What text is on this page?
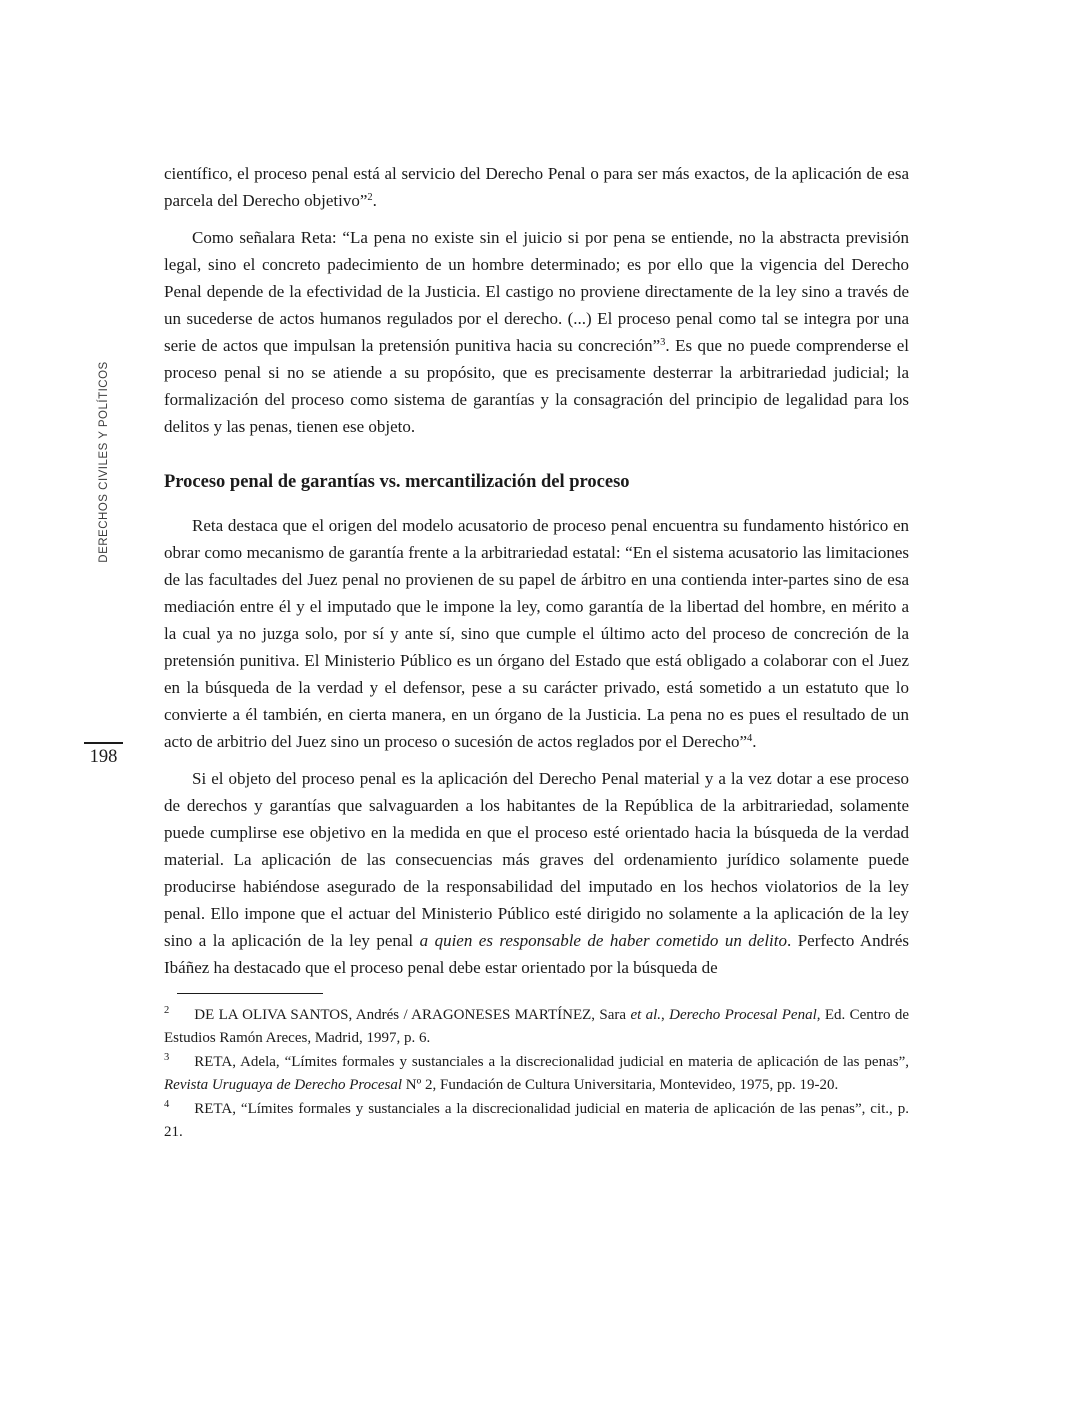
DERECHOS CIVILES Y POLÍTICOS
198

científico, el proceso penal está al servicio del Derecho Penal o para ser más exactos, de la aplicación de esa parcela del Derecho objetivo”$^2$.

Como señalara Reta: “La pena no existe sin el juicio si por pena se entiende, no la abstracta previsión legal, sino el concreto padecimiento de un hombre determinado; es por ello que la vigencia del Derecho Penal depende de la efectividad de la Justicia. El castigo no proviene directamente de la ley sino a través de un sucederse de actos humanos regulados por el derecho. (...) El proceso penal como tal se integra por una serie de actos que impulsan la pretensión punitiva hacia su concreción”$^3$. Es que no puede comprenderse el proceso penal si no se atiende a su propósito, que es precisamente desterrar la arbitrariedad judicial; la formalización del proceso como sistema de garantías y la consagración del principio de legalidad para los delitos y las penas, tienen ese objeto.

Proceso penal de garantías vs. mercantilización del proceso

Reta destaca que el origen del modelo acusatorio de proceso penal encuentra su fundamento histórico en obrar como mecanismo de garantía frente a la arbitrariedad estatal: “En el sistema acusatorio las limitaciones de las facultades del Juez penal no provienen de su papel de árbitro en una contienda inter-partes sino de esa mediación entre él y el imputado que le impone la ley, como garantía de la libertad del hombre, en mérito a la cual ya no juzga solo, por sí y ante sí, sino que cumple el último acto del proceso de concreción de la pretensión punitiva. El Ministerio Público es un órgano del Estado que está obligado a colaborar con el Juez en la búsqueda de la verdad y el defensor, pese a su carácter privado, está sometido a un estatuto que lo convierte a él también, en cierta manera, en un órgano de la Justicia. La pena no es pues el resultado de un acto de arbitrio del Juez sino un proceso o sucesión de actos reglados por el Derecho”$^4$.

Si el objeto del proceso penal es la aplicación del Derecho Penal material y a la vez dotar a ese proceso de derechos y garantías que salvaguarden a los habitantes de la República de la arbitrariedad, solamente puede cumplirse ese objetivo en la medida en que el proceso esté orientado hacia la búsqueda de la verdad material. La aplicación de las consecuencias más graves del ordenamiento jurídico solamente puede producirse habiéndose asegurado de la responsabilidad del imputado en los hechos violatorios de la ley penal. Ello impone que el actuar del Ministerio Público esté dirigido no solamente a la aplicación de la ley sino a la aplicación de la ley penal a quien es responsable de haber cometido un delito. Perfecto Andrés Ibáñez ha destacado que el proceso penal debe estar orientado por la búsqueda de

$^2$ DE LA OLIVA SANTOS, Andrés / ARAGONESES MARTÍNEZ, Sara et al., Derecho Procesal Penal, Ed. Centro de Estudios Ramón Areces, Madrid, 1997, p. 6.

$^3$ RETA, Adela, “Límites formales y sustanciales a la discrecionalidad judicial en materia de aplicación de las penas”, Revista Uruguaya de Derecho Procesal Nº 2, Fundación de Cultura Universitaria, Montevideo, 1975, pp. 19-20.

$^4$ RETA, “Límites formales y sustanciales a la discrecionalidad judicial en materia de aplicación de las penas”, cit., p. 21.
